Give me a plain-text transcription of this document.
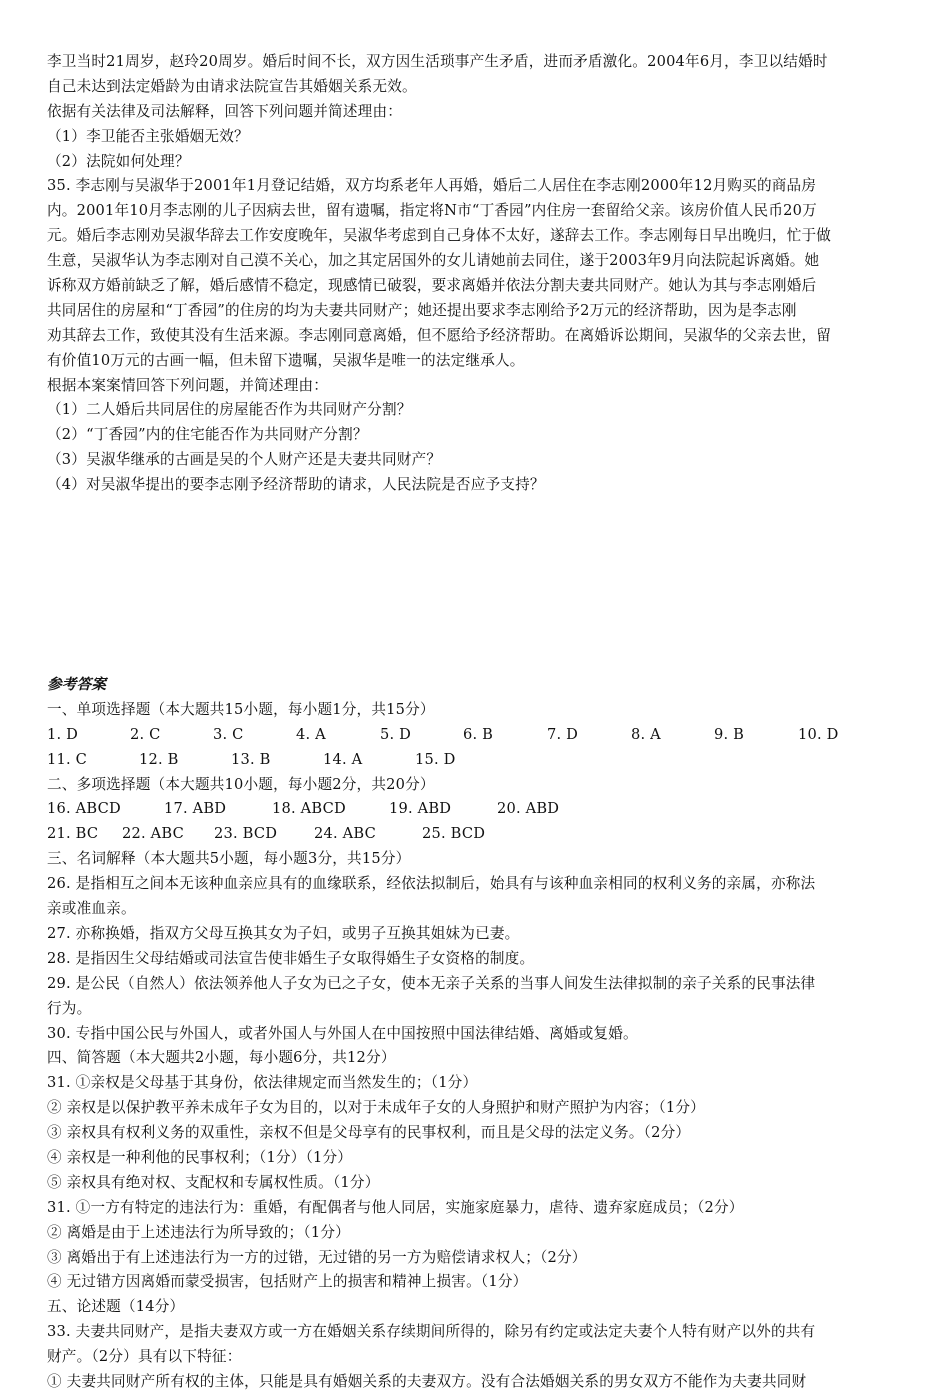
李卫当时21周岁，赵玲20周岁。婚后时间不长，双方因生活琐事产生矛盾，进而矛盾激化。2004年6月，李卫以结婚时
自己未达到法定婚龄为由请求法院宣告其婚姻关系无效。
依据有关法律及司法解释，回答下列问题并简述理由：
（1）李卫能否主张婚姻无效？
（2）法院如何处理？
35. 李志刚与吴淑华于2001年1月登记结婚，双方均系老年人再婚，婚后二人居住在李志刚2000年12月购买的商品房
内。2001年10月李志刚的儿子因病去世，留有遗嘱，指定将N市“丁香园”内住房一套留给父亲。该房价值人民币20万
元。婚后李志刚劝吴淑华辞去工作安度晚年，吴淑华考虑到自己身体不太好，遂辞去工作。李志刚每日早出晚归，忙于做
生意，吴淑华认为李志刚对自己漠不关心，加之其定居国外的女儿请她前去同住，遂于2003年9月向法院起诉离婚。她
诉称双方婚前缺乏了解，婚后感情不稳定，现感情已破裂，要求离婚并依法分割夫妻共同财产。她认为其与李志刚婚后
共同居住的房屋和“丁香园”的住房的均为夫妻共同财产；她还提出要求李志刚给予2万元的经济帮助，因为是李志刚
劝其辞去工作，致使其没有生活来源。李志刚同意离婚，但不愿给予经济帮助。在离婚诉讼期间，吴淑华的父亲去世，留
有价值10万元的古画一幅，但未留下遗嘱，吴淑华是唯一的法定继承人。
根据本案案情回答下列问题，并简述理由：
（1）二人婚后共同居住的房屋能否作为共同财产分割？
（2）“丁香园”内的住宅能否作为共同财产分割？
（3）吴淑华继承的古画是吴的个人财产还是夫妻共同财产？
（4）对吴淑华提出的要李志刚予经济帮助的请求，人民法院是否应予支持？
参考答案
一、单项选择题（本大题共15小题，每小题1分，共15分）
1. D	2. C	3. C	4. A	5. D	6. B	7. D	8. A	9. B	10. D
11. C	12. B	13. B	14. A	15. D
二、多项选择题（本大题共10小题，每小题2分，共20分）
16. ABCD	17. ABD	18. ABCD	19. ABD	20. ABD
21. BC	22. ABC	23. BCD	24. ABC	25. BCD
三、名词解释（本大题共5小题，每小题3分，共15分）
26. 是指相互之间本无该种血亲应具有的血缘联系，经依法拟制后，始具有与该种血亲相同的权利义务的亲属，亦称法
亲或准血亲。
27. 亦称换婚，指双方父母互换其女为子妇，或男子互换其姐妹为已妻。
28. 是指因生父母结婚或司法宣告使非婚生子女取得婚生子女资格的制度。
29. 是公民（自然人）依法领养他人子女为已之子女，使本无亲子关系的当事人间发生法律拟制的亲子关系的民事法律
行为。
30. 专指中国公民与外国人，或者外国人与外国人在中国按照中国法律结婚、离婚或复婚。
四、简答题（本大题共2小题，每小题6分，共12分）
31. ①亲权是父母基于其身份，依法律规定而当然发生的；（1分）
② 亲权是以保护教平养未成年子女为目的，以对于未成年子女的人身照护和财产照护为内容；（1分）
③ 亲权具有权利义务的双重性，亲权不但是父母享有的民事权利，而且是父母的法定义务。（2分）
④ 亲权是一种利他的民事权利；（1分）（1分）
⑤ 亲权具有绝对权、支配权和专属权性质。（1分）
31. ①一方有特定的违法行为：重婚，有配偶者与他人同居，实施家庭暴力，虐待、遗弃家庭成员；（2分）
② 离婚是由于上述违法行为所导致的；（1分）
③ 离婚出于有上述违法行为一方的过错，无过错的另一方为赔偿请求权人；（2分）
④ 无过错方因离婚而蒙受损害，包括财产上的损害和精神上损害。（1分）
五、论述题（14分）
33. 夫妻共同财产，是指夫妻双方或一方在婚姻关系存续期间所得的，除另有约定或法定夫妻个人特有财产以外的共有
财产。（2分）具有以下特征：
① 夫妻共同财产所有权的主体，只能是具有婚姻关系的夫妻双方。没有合法婚姻关系的男女双方不能作为夫妻共同财
